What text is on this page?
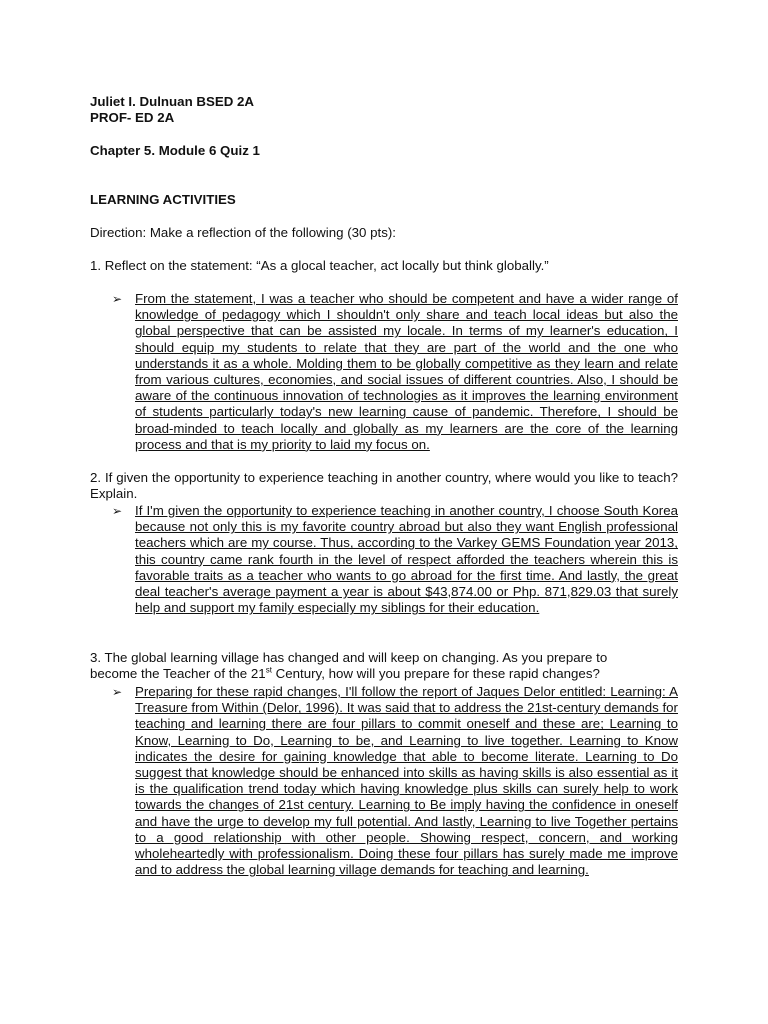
Juliet I. Dulnuan BSED 2A
PROF- ED 2A
Chapter 5. Module 6 Quiz 1
LEARNING ACTIVITIES
Direction: Make a reflection of the following (30 pts):
1. Reflect on the statement: “As a glocal teacher, act locally but think globally.”
➢ From the statement, I was a teacher who should be competent and have a wider range of knowledge of pedagogy which I shouldn't only share and teach local ideas but also the global perspective that can be assisted my locale. In terms of my learner's education, I should equip my students to relate that they are part of the world and the one who understands it as a whole. Molding them to be globally competitive as they learn and relate from various cultures, economies, and social issues of different countries. Also, I should be aware of the continuous innovation of technologies as it improves the learning environment of students particularly today's new learning cause of pandemic. Therefore, I should be broad-minded to teach locally and globally as my learners are the core of the learning process and that is my priority to laid my focus on.
2. If given the opportunity to experience teaching in another country, where would you like to teach? Explain.
➢ If I'm given the opportunity to experience teaching in another country, I choose South Korea because not only this is my favorite country abroad but also they want English professional teachers which are my course. Thus, according to the Varkey GEMS Foundation year 2013, this country came rank fourth in the level of respect afforded the teachers wherein this is favorable traits as a teacher who wants to go abroad for the first time. And lastly, the great deal teacher's average payment a year is about $43,874.00 or Php. 871,829.03 that surely help and support my family especially my siblings for their education.
3. The global learning village has changed and will keep on changing. As you prepare to become the Teacher of the 21st Century, how will you prepare for these rapid changes?
➢ Preparing for these rapid changes, I'll follow the report of Jaques Delor entitled: Learning: A Treasure from Within (Delor, 1996). It was said that to address the 21st-century demands for teaching and learning there are four pillars to commit oneself and these are; Learning to Know, Learning to Do, Learning to be, and Learning to live together. Learning to Know indicates the desire for gaining knowledge that able to become literate. Learning to Do suggest that knowledge should be enhanced into skills as having skills is also essential as it is the qualification trend today which having knowledge plus skills can surely help to work towards the changes of 21st century. Learning to Be imply having the confidence in oneself and have the urge to develop my full potential. And lastly, Learning to live Together pertains to a good relationship with other people. Showing respect, concern, and working wholeheartedly with professionalism. Doing these four pillars has surely made me improve and to address the global learning village demands for teaching and learning.
